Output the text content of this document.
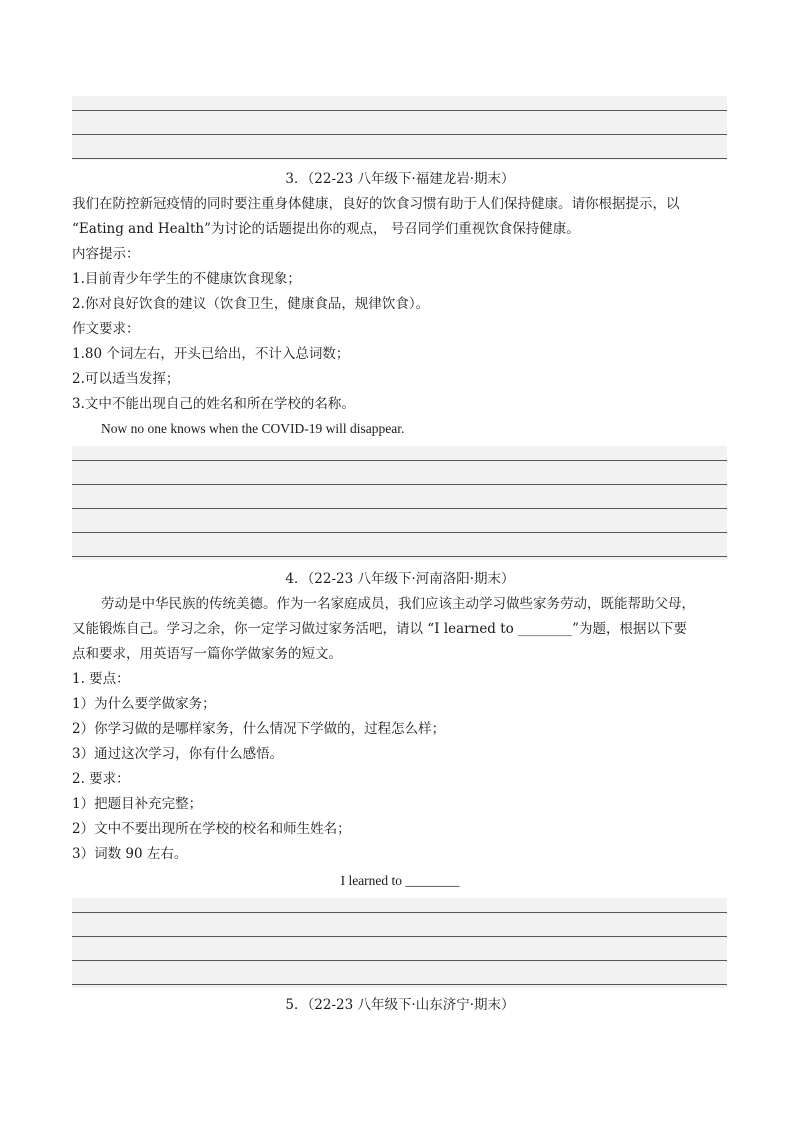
3．（22-23 八年级下·福建龙岩·期末）
我们在防控新冠疫情的同时要注重身体健康，良好的饮食习惯有助于人们保持健康。请你根据提示，以
“Eating and Health”为讨论的话题提出你的观点， 号召同学们重视饮食保持健康。
内容提示：
1.目前青少年学生的不健康饮食现象；
2.你对良好饮食的建议（饮食卫生，健康食品，规律饮食）。
作文要求：
1.80 个词左右，开头已给出，不计入总词数；
2.可以适当发挥；
3.文中不能出现自己的姓名和所在学校的名称。
Now no one knows when the COVID-19 will disappear.
4．（22-23 八年级下·河南洛阳·期末）
劳动是中华民族的传统美德。作为一名家庭成员，我们应该主动学习做些家务劳动，既能帮助父母，
又能锻炼自己。学习之余，你一定学习做过家务活吧，请以 “I learned to ________”为题，根据以下要
点和要求，用英语写一篇你学做家务的短文。
1. 要点：
1）为什么要学做家务；
2）你学习做的是哪样家务，什么情况下学做的，过程怎么样；
3）通过这次学习，你有什么感悟。
2. 要求：
1）把题目补充完整；
2）文中不要出现所在学校的校名和师生姓名；
3）词数 90 左右。
I learned to ________
5．（22-23 八年级下·山东济宁·期末）
